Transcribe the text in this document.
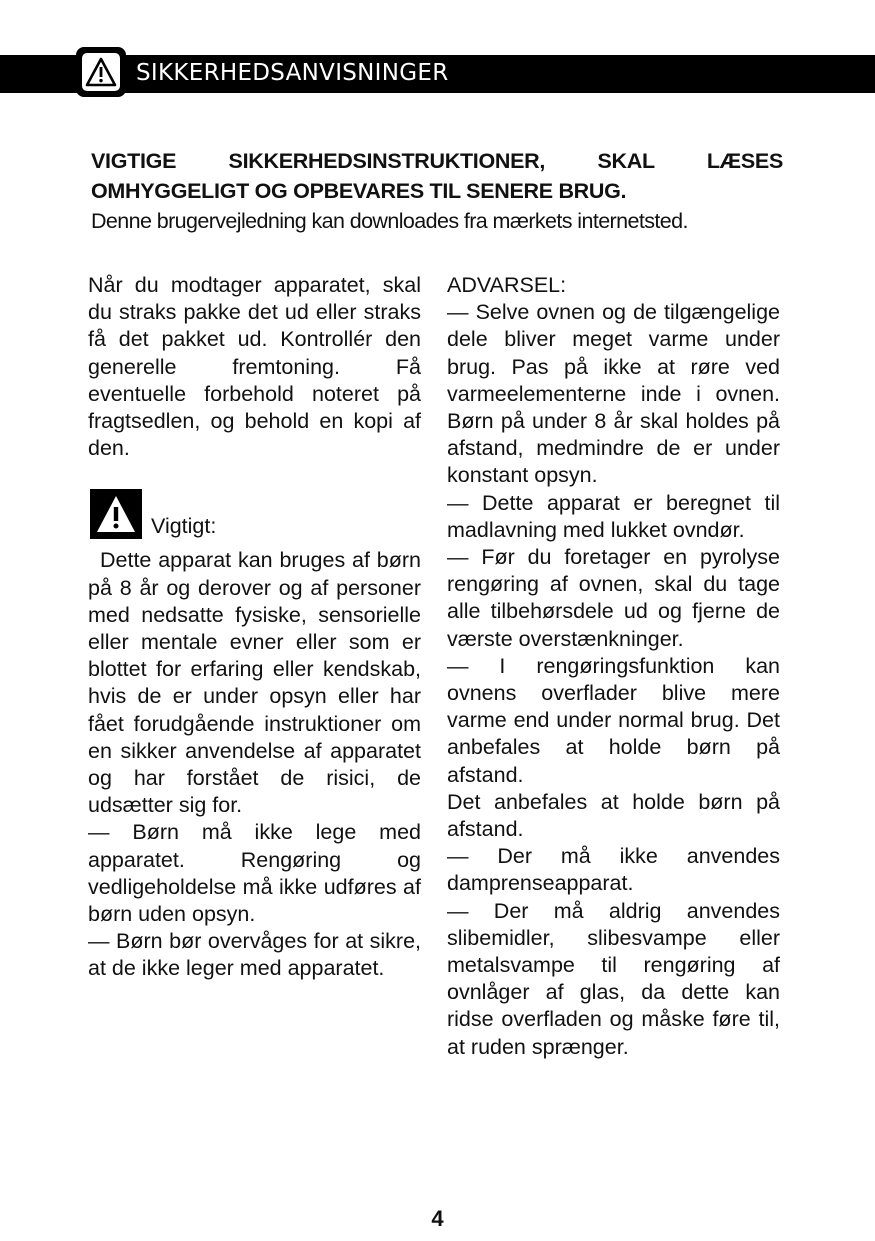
SIKKERHEDSANVISNINGER

VIGTIGE SIKKERHEDSINSTRUKTIONER, SKAL LÆSES OMHYGGELIGT OG OPBEVARES TIL SENERE BRUG.

Denne brugervejledning kan downloades fra mærkets internetsted.

Når du modtager apparatet, skal du straks pakke det ud eller straks få det pakket ud. Kontrollér den generelle fremtoning. Få eventuelle forbehold noteret på fragtsedlen, og behold en kopi af den.

Vigtigt:

Dette apparat kan bruges af børn på 8 år og derover og af personer med nedsatte fysiske, sensorielle eller mentale evner eller som er blottet for erfaring eller kendskab, hvis de er under opsyn eller har fået forudgående instruktioner om en sikker anvendelse af apparatet og har forstået de risici, de udsætter sig for.

— Børn må ikke lege med apparatet. Rengøring og vedligeholdelse må ikke udføres af børn uden opsyn.

— Børn bør overvåges for at sikre, at de ikke leger med apparatet.

ADVARSEL:

— Selve ovnen og de tilgængelige dele bliver meget varme under brug. Pas på ikke at røre ved varmeelementerne inde i ovnen. Børn på under 8 år skal holdes på afstand, medmindre de er under konstant opsyn.

— Dette apparat er beregnet til madlavning med lukket ovndør.

— Før du foretager en pyrolyse rengøring af ovnen, skal du tage alle tilbehørsdele ud og fjerne de værste overstænkninger.

— I rengøringsfunktion kan ovnens overflader blive mere varme end under normal brug. Det anbefales at holde børn på afstand.

Det anbefales at holde børn på afstand.

— Der må ikke anvendes damprenseapparat.

— Der må aldrig anvendes slibemidler, slibesvampe eller metalsvampe til rengøring af ovnlåger af glas, da dette kan ridse overfladen og måske føre til, at ruden sprænger.

4
